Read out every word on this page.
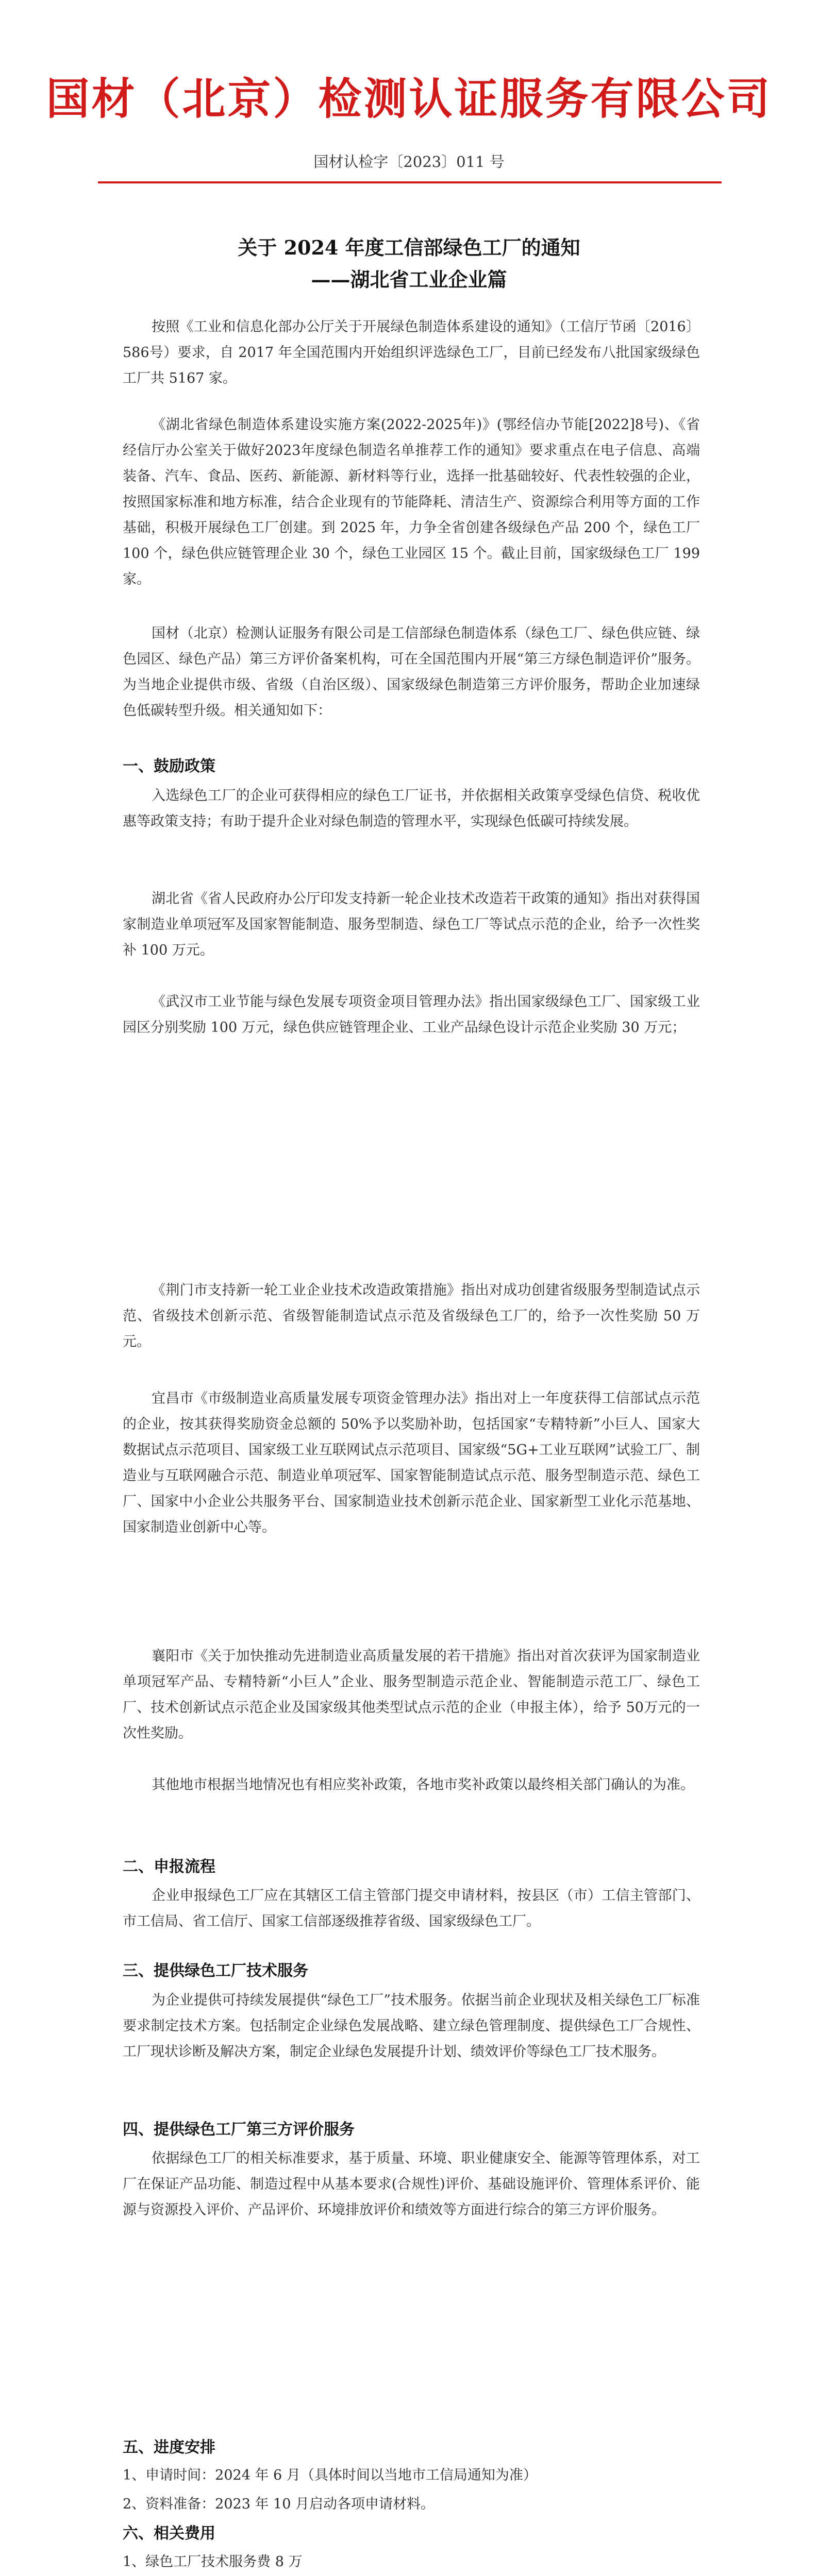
国材（北京）检测认证服务有限公司
国材认检字〔2023〕011 号
关于 2024 年度工信部绿色工厂的通知
——湖北省工业企业篇
按照《工业和信息化部办公厅关于开展绿色制造体系建设的通知》（工信厅节函〔2016〕586号）要求，自 2017 年全国范围内开始组织评选绿色工厂，目前已经发布八批国家级绿色工厂共 5167 家。
《湖北省绿色制造体系建设实施方案(2022-2025年)》(鄂经信办节能[2022]8号)、《省经信厅办公室关于做好2023年度绿色制造名单推荐工作的通知》要求重点在电子信息、高端装备、汽车、食品、医药、新能源、新材料等行业，选择一批基础较好、代表性较强的企业，按照国家标准和地方标准，结合企业现有的节能降耗、清洁生产、资源综合利用等方面的工作基础，积极开展绿色工厂创建。到 2025 年，力争全省创建各级绿色产品 200 个，绿色工厂 100 个，绿色供应链管理企业 30 个，绿色工业园区 15 个。截止目前，国家级绿色工厂 199 家。
国材（北京）检测认证服务有限公司是工信部绿色制造体系（绿色工厂、绿色供应链、绿色园区、绿色产品）第三方评价备案机构，可在全国范围内开展“第三方绿色制造评价”服务。为当地企业提供市级、省级（自治区级）、国家级绿色制造第三方评价服务，帮助企业加速绿色低碳转型升级。相关通知如下：
一、鼓励政策
入选绿色工厂的企业可获得相应的绿色工厂证书，并依据相关政策享受绿色信贷、税收优惠等政策支持；有助于提升企业对绿色制造的管理水平，实现绿色低碳可持续发展。
湖北省《省人民政府办公厅印发支持新一轮企业技术改造若干政策的通知》指出对获得国家制造业单项冠军及国家智能制造、服务型制造、绿色工厂等试点示范的企业，给予一次性奖补 100 万元。
《武汉市工业节能与绿色发展专项资金项目管理办法》指出国家级绿色工厂、国家级工业园区分别奖励 100 万元，绿色供应链管理企业、工业产品绿色设计示范企业奖励 30 万元；
《荆门市支持新一轮工业企业技术改造政策措施》指出对成功创建省级服务型制造试点示范、省级技术创新示范、省级智能制造试点示范及省级绿色工厂的，给予一次性奖励 50 万元。
宜昌市《市级制造业高质量发展专项资金管理办法》指出对上一年度获得工信部试点示范的企业，按其获得奖励资金总额的 50%予以奖励补助，包括国家“专精特新”小巨人、国家大数据试点示范项目、国家级工业互联网试点示范项目、国家级“5G+工业互联网”试验工厂、制造业与互联网融合示范、制造业单项冠军、国家智能制造试点示范、服务型制造示范、绿色工厂、国家中小企业公共服务平台、国家制造业技术创新示范企业、国家新型工业化示范基地、国家制造业创新中心等。
襄阳市《关于加快推动先进制造业高质量发展的若干措施》指出对首次获评为国家制造业单项冠军产品、专精特新“小巨人”企业、服务型制造示范企业、智能制造示范工厂、绿色工厂、技术创新试点示范企业及国家级其他类型试点示范的企业（申报主体），给予 50万元的一次性奖励。
其他地市根据当地情况也有相应奖补政策，各地市奖补政策以最终相关部门确认的为准。
二、申报流程
企业申报绿色工厂应在其辖区工信主管部门提交申请材料，按县区（市）工信主管部门、市工信局、省工信厅、国家工信部逐级推荐省级、国家级绿色工厂。
三、提供绿色工厂技术服务
为企业提供可持续发展提供“绿色工厂”技术服务。依据当前企业现状及相关绿色工厂标准要求制定技术方案。包括制定企业绿色发展战略、建立绿色管理制度、提供绿色工厂合规性、工厂现状诊断及解决方案，制定企业绿色发展提升计划、绩效评价等绿色工厂技术服务。
四、提供绿色工厂第三方评价服务
依据绿色工厂的相关标准要求，基于质量、环境、职业健康安全、能源等管理体系，对工厂在保证产品功能、制造过程中从基本要求(合规性)评价、基础设施评价、管理体系评价、能源与资源投入评价、产品评价、环境排放评价和绩效等方面进行综合的第三方评价服务。
五、进度安排
1、申请时间：2024 年 6 月（具体时间以当地市工信局通知为准）
2、资料准备：2023 年 10 月启动各项申请材料。
六、相关费用
1、绿色工厂技术服务费 8 万
